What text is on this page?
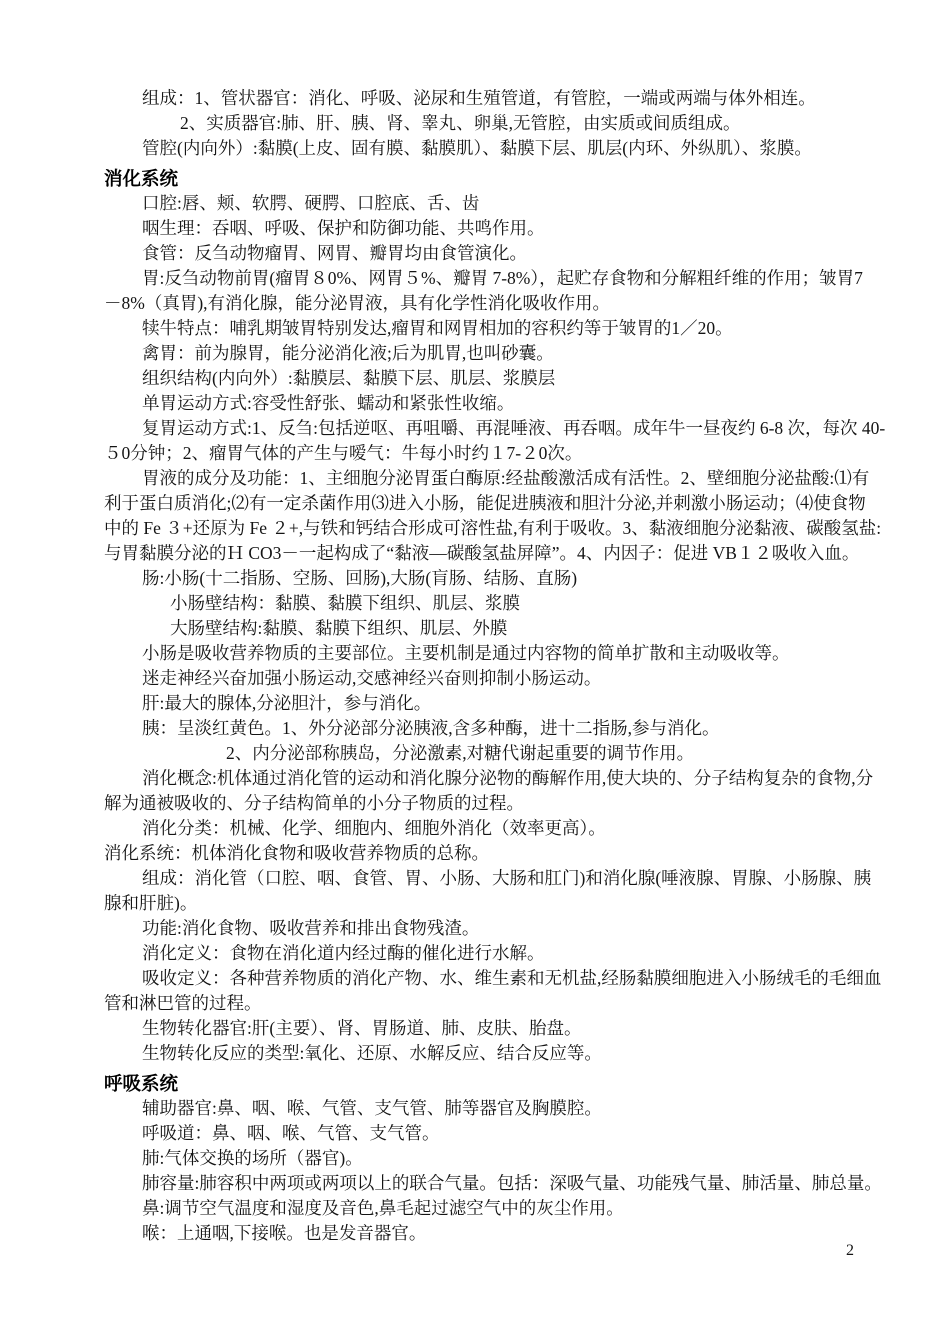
组成：1、管状器官：消化、呼吸、泌尿和生殖管道，有管腔，一端或两端与体外相连。
2、实质器官:肺、肝、胰、肾、睾丸、卵巢,无管腔，由实质或间质组成。
管腔(内向外）:黏膜(上皮、固有膜、黏膜肌）、黏膜下层、肌层(内环、外纵肌）、浆膜。
消化系统
口腔:唇、颊、软腭、硬腭、口腔底、舌、齿
咽生理：吞咽、呼吸、保护和防御功能、共鸣作用。
食管：反刍动物瘤胃、网胃、瓣胃均由食管演化。
胃:反刍动物前胃(瘤胃８0%、网胃５%、瓣胃 7-8%），起贮存食物和分解粗纤维的作用；皱胃7
－8%（真胃),有消化腺，能分泌胃液，具有化学性消化吸收作用。
犊牛特点：哺乳期皱胃特别发达,瘤胃和网胃相加的容积约等于皱胃的1／20。
禽胃：前为腺胃，能分泌消化液;后为肌胃,也叫砂囊。
组织结构(内向外）:黏膜层、黏膜下层、肌层、浆膜层
单胃运动方式:容受性舒张、蠕动和紧张性收缩。
复胃运动方式:1、反刍:包括逆呕、再咀嚼、再混唾液、再吞咽。成年牛一昼夜约 6-8 次，每次 40-
５0分钟；2、瘤胃气体的产生与嗳气：牛每小时约１7-２0次。
胃液的成分及功能：1、主细胞分泌胃蛋白酶原:经盐酸激活成有活性。2、壁细胞分泌盐酸:⑴有
利于蛋白质消化;⑵有一定杀菌作用⑶进入小肠，能促进胰液和胆汁分泌,并刺激小肠运动；⑷使食物
中的 Fe ３+还原为 Fe ２+,与铁和钙结合形成可溶性盐,有利于吸收。3、黏液细胞分泌黏液、碳酸氢盐:
与胃黏膜分泌的Ｈ CO3－一起构成了“黏液—碳酸氢盐屏障”。4、内因子：促进 VB１２吸收入血。
肠:小肠(十二指肠、空肠、回肠),大肠(肓肠、结肠、直肠)
小肠壁结构：黏膜、黏膜下组织、肌层、浆膜
大肠壁结构:黏膜、黏膜下组织、肌层、外膜
小肠是吸收营养物质的主要部位。主要机制是通过内容物的简单扩散和主动吸收等。
迷走神经兴奋加强小肠运动,交感神经兴奋则抑制小肠运动。
肝:最大的腺体,分泌胆汁，参与消化。
胰：呈淡红黄色。1、外分泌部分泌胰液,含多种酶，进十二指肠,参与消化。
2、内分泌部称胰岛，分泌激素,对糖代谢起重要的调节作用。
消化概念:机体通过消化管的运动和消化腺分泌物的酶解作用,使大块的、分子结构复杂的食物,分
解为通被吸收的、分子结构简单的小分子物质的过程。
消化分类：机械、化学、细胞内、细胞外消化（效率更高）。
消化系统：机体消化食物和吸收营养物质的总称。
组成：消化管（口腔、咽、食管、胃、小肠、大肠和肛门)和消化腺(唾液腺、胃腺、小肠腺、胰
腺和肝脏)。
功能:消化食物、吸收营养和排出食物残渣。
消化定义：食物在消化道内经过酶的催化进行水解。
吸收定义：各种营养物质的消化产物、水、维生素和无机盐,经肠黏膜细胞进入小肠绒毛的毛细血
管和淋巴管的过程。
生物转化器官:肝(主要）、肾、胃肠道、肺、皮肤、胎盘。
生物转化反应的类型:氧化、还原、水解反应、结合反应等。
呼吸系统
辅助器官:鼻、咽、喉、气管、支气管、肺等器官及胸膜腔。
呼吸道：鼻、咽、喉、气管、支气管。
肺:气体交换的场所（器官)。
肺容量:肺容积中两项或两项以上的联合气量。包括：深吸气量、功能残气量、肺活量、肺总量。
鼻:调节空气温度和湿度及音色,鼻毛起过滤空气中的灰尘作用。
喉：上通咽,下接喉。也是发音器官。
2
